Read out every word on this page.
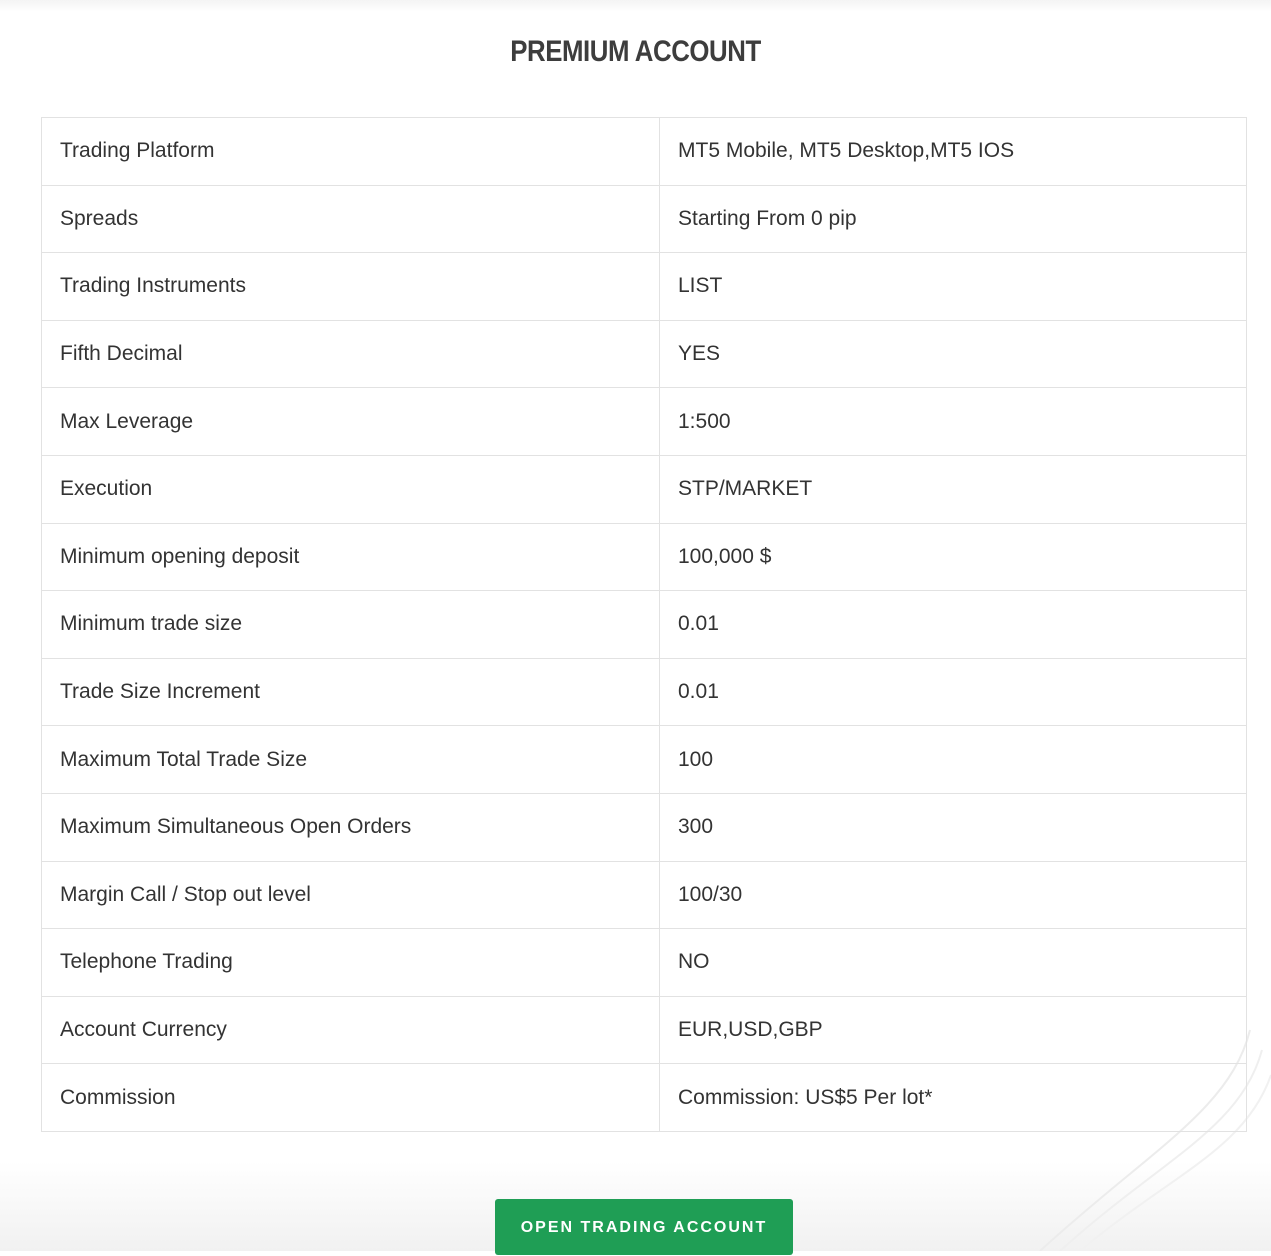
PREMIUM ACCOUNT
Trading Platform	MT5 Mobile, MT5 Desktop,MT5 IOS
Spreads	Starting From 0 pip
Trading Instruments	LIST
Fifth Decimal	YES
Max Leverage	1:500
Execution	STP/MARKET
Minimum opening deposit	100,000 $
Minimum trade size	0.01
Trade Size Increment	0.01
Maximum Total Trade Size	100
Maximum Simultaneous Open Orders	300
Margin Call / Stop out level	100/30
Telephone Trading	NO
Account Currency	EUR,USD,GBP
Commission	Commission: US$5 Per lot*
OPEN TRADING ACCOUNT
